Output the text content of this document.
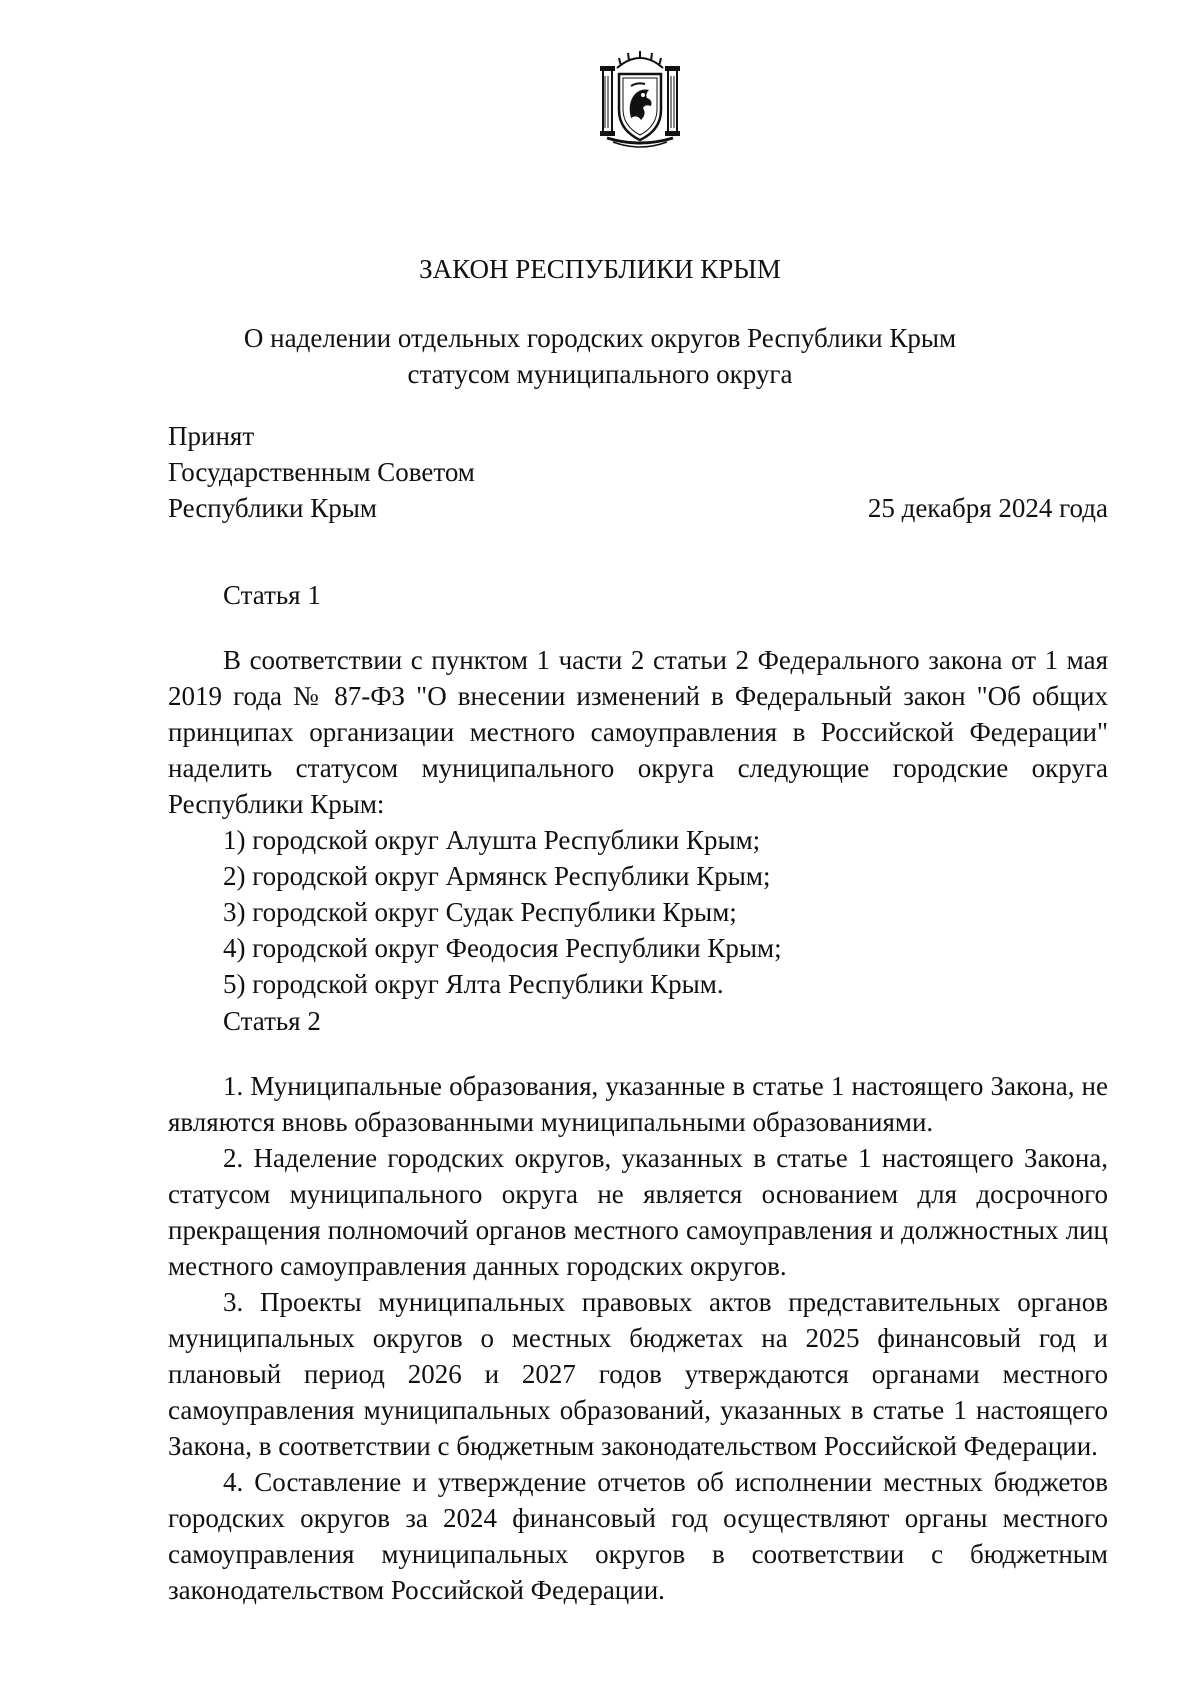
ЗАКОН РЕСПУБЛИКИ КРЫМ
О наделении отдельных городских округов Республики Крым
статусом муниципального округа
Принят
Государственным Советом
Республики Крым	25 декабря 2024 года
Статья 1

В соответствии с пунктом 1 части 2 статьи 2 Федерального закона от 1 мая 2019 года № 87-ФЗ "О внесении изменений в Федеральный закон "Об общих принципах организации местного самоуправления в Российской Федерации" наделить статусом муниципального округа следующие городские округа Республики Крым:

1) городской округ Алушта Республики Крым;
2) городской округ Армянск Республики Крым;
3) городской округ Судак Республики Крым;
4) городской округ Феодосия Республики Крым;
5) городской округ Ялта Республики Крым.
Статья 2

1. Муниципальные образования, указанные в статье 1 настоящего Закона, не являются вновь образованными муниципальными образованиями.

2. Наделение городских округов, указанных в статье 1 настоящего Закона, статусом муниципального округа не является основанием для досрочного прекращения полномочий органов местного самоуправления и должностных лиц местного самоуправления данных городских округов.

3. Проекты муниципальных правовых актов представительных органов муниципальных округов о местных бюджетах на 2025 финансовый год и плановый период 2026 и 2027 годов утверждаются органами местного самоуправления муниципальных образований, указанных в статье 1 настоящего Закона, в соответствии с бюджетным законодательством Российской Федерации.

4. Составление и утверждение отчетов об исполнении местных бюджетов городских округов за 2024 финансовый год осуществляют органы местного самоуправления муниципальных округов в соответствии с бюджетным законодательством Российской Федерации.
